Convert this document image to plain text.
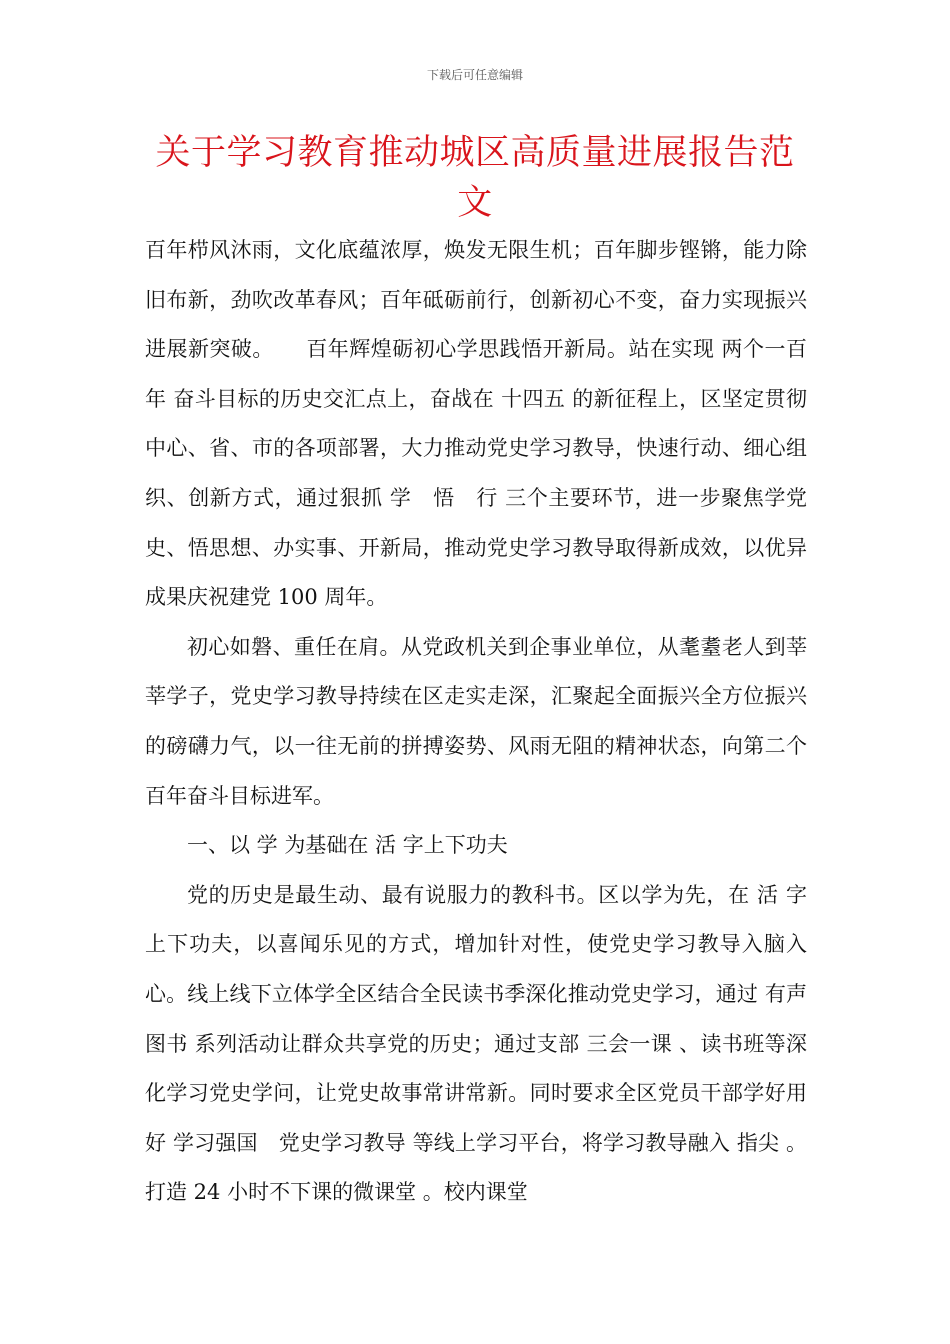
下载后可任意编辑
关于学习教育推动城区高质量进展报告范文

百年栉风沐雨，文化底蕴浓厚，焕发无限生机；百年脚步铿锵，能力除旧布新，劲吹改革春风；百年砥砺前行，创新初心不变，奋力实现振兴进展新突破。　　百年辉煌砺初心学思践悟开新局。站在实现 两个一百年 奋斗目标的历史交汇点上，奋战在 十四五 的新征程上，区坚定贯彻中心、省、市的各项部署，大力推动党史学习教导，快速行动、细心组织、创新方式，通过狠抓 学　悟　行 三个主要环节，进一步聚焦学党史、悟思想、办实事、开新局，推动党史学习教导取得新成效，以优异成果庆祝建党 100 周年。

初心如磐、重任在肩。从党政机关到企事业单位，从耄耋老人到莘莘学子，党史学习教导持续在区走实走深，汇聚起全面振兴全方位振兴的磅礴力气，以一往无前的拼搏姿势、风雨无阻的精神状态，向第二个百年奋斗目标进军。

一、以 学 为基础在 活 字上下功夫

党的历史是最生动、最有说服力的教科书。区以学为先，在 活 字上下功夫，以喜闻乐见的方式，增加针对性，使党史学习教导入脑入心。线上线下立体学全区结合全民读书季深化推动党史学习，通过 有声图书 系列活动让群众共享党的历史；通过支部 三会一课 、读书班等深化学习党史学问，让党史故事常讲常新。同时要求全区党员干部学好用好 学习强国　党史学习教导 等线上学习平台，将学习教导融入 指尖 。打造 24 小时不下课的微课堂 。校内课堂
